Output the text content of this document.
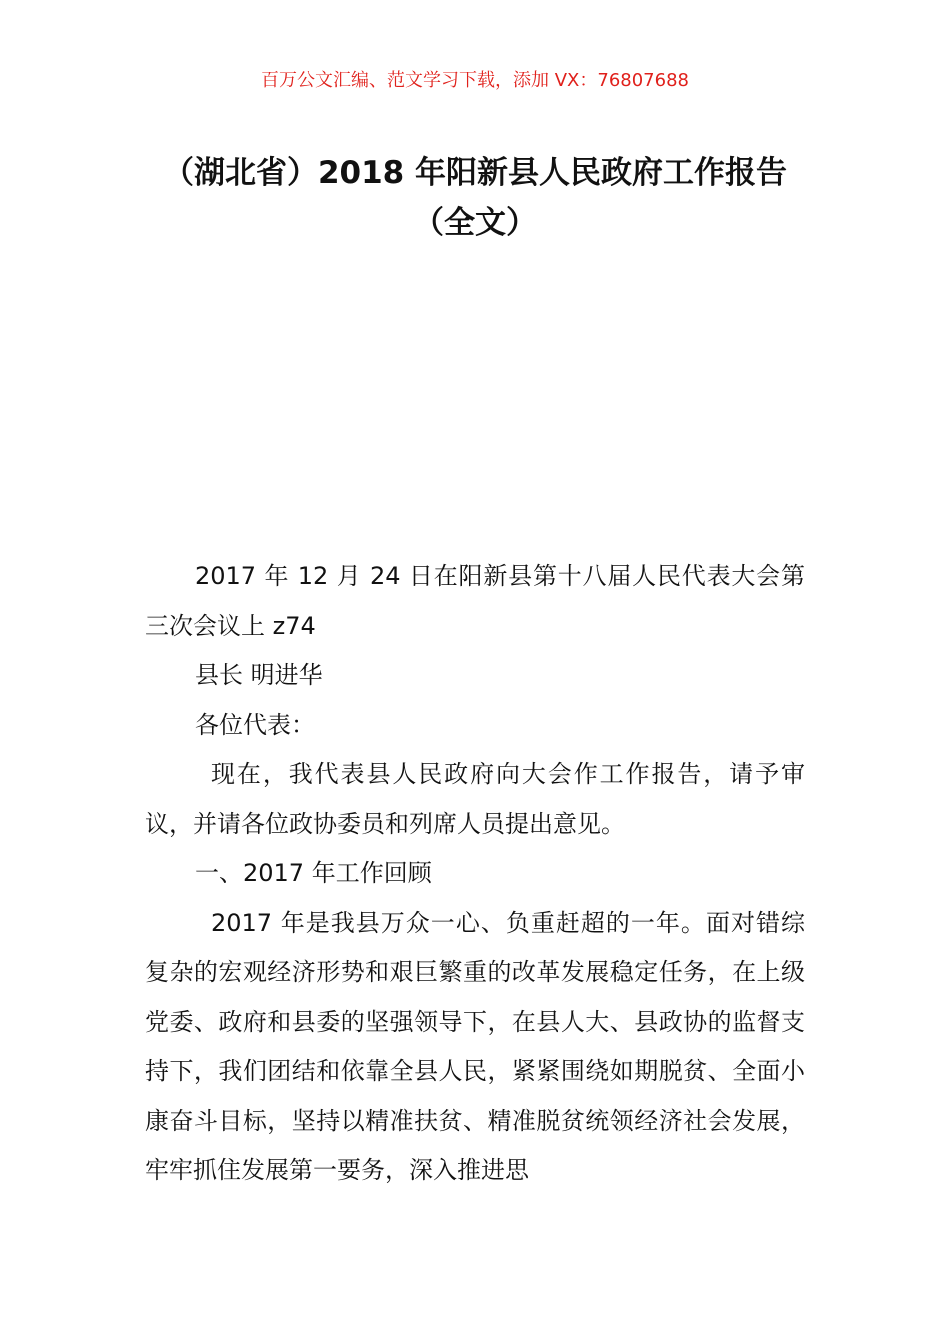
百万公文汇编、范文学习下载，添加 VX：76807688
（湖北省）2018 年阳新县人民政府工作报告（全文）

2017 年 12 月 24 日在阳新县第十八届人民代表大会第三次会议上 z74

县长 明进华

各位代表：

现在，我代表县人民政府向大会作工作报告，请予审议，并请各位政协委员和列席人员提出意见。

一、2017 年工作回顾

2017 年是我县万众一心、负重赶超的一年。面对错综复杂的宏观经济形势和艰巨繁重的改革发展稳定任务，在上级党委、政府和县委的坚强领导下，在县人大、县政协的监督支持下，我们团结和依靠全县人民，紧紧围绕如期脱贫、全面小康奋斗目标，坚持以精准扶贫、精准脱贫统领经济社会发展，牢牢抓住发展第一要务，深入推进思
